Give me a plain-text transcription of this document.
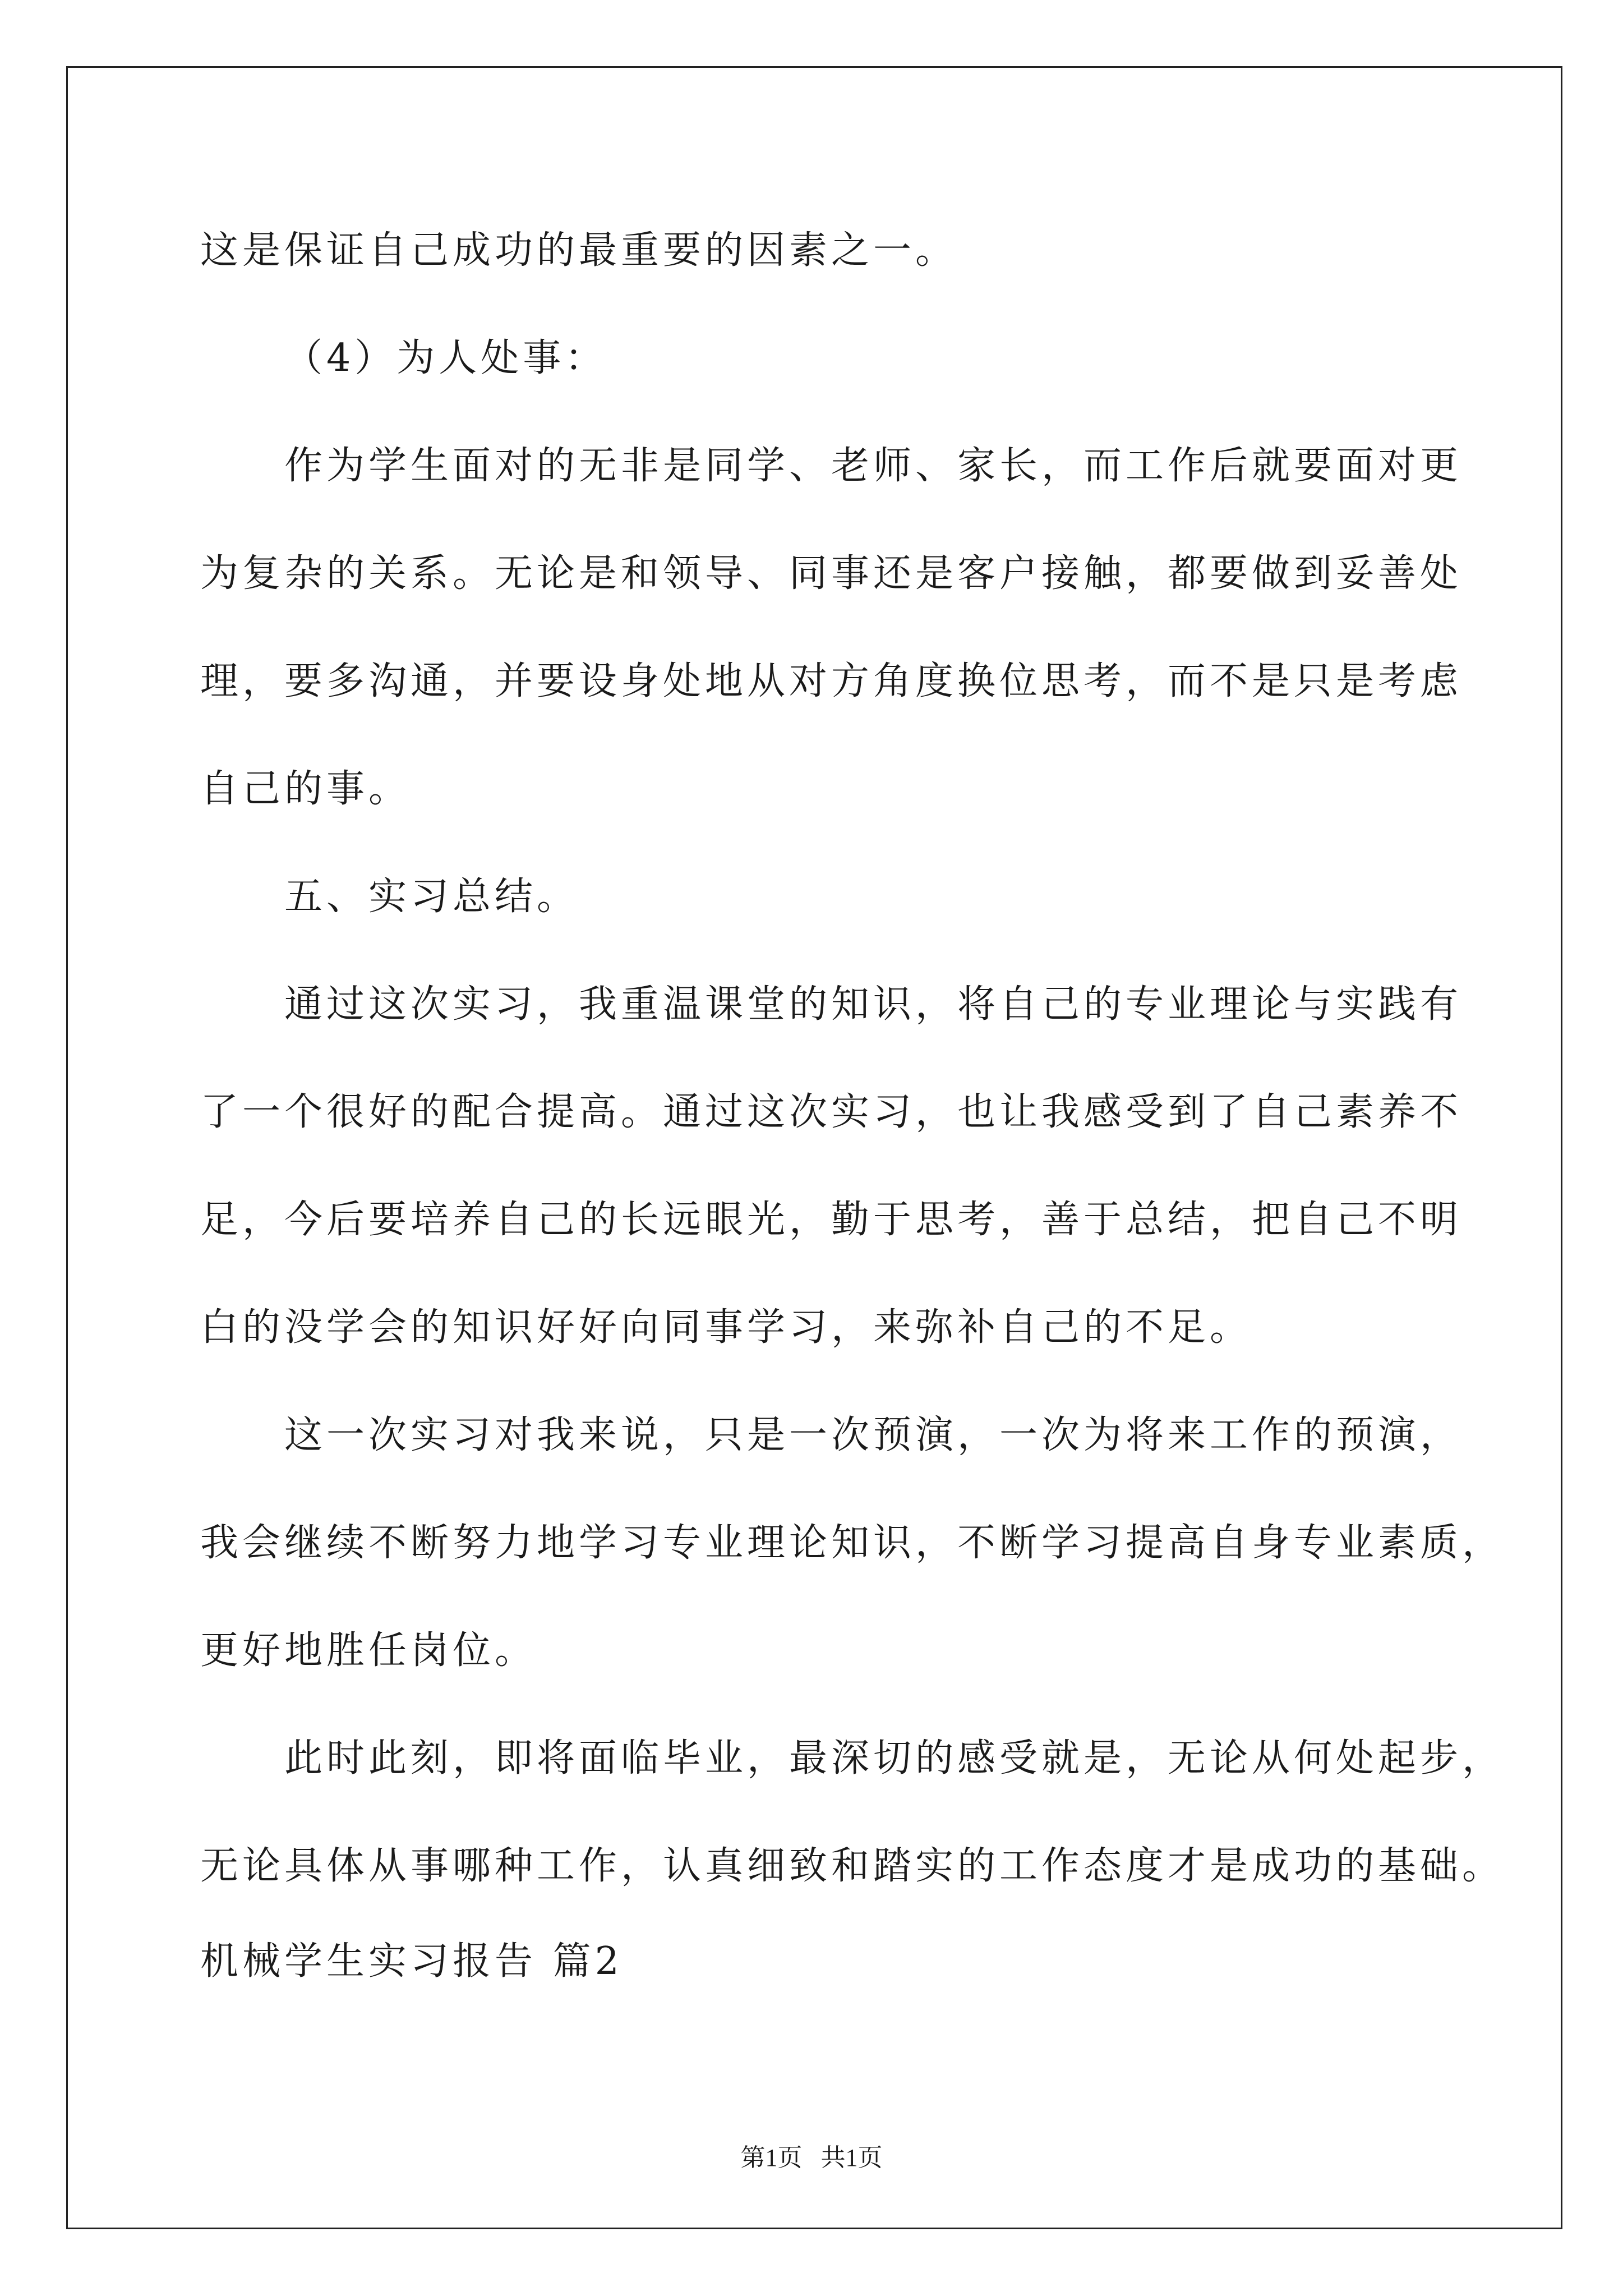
这是保证自己成功的最重要的因素之一。
（4）为人处事：
作为学生面对的无非是同学、老师、家长，而工作后就要面对更
为复杂的关系。无论是和领导、同事还是客户接触，都要做到妥善处
理，要多沟通，并要设身处地从对方角度换位思考，而不是只是考虑
自己的事。
五、实习总结。
通过这次实习，我重温课堂的知识，将自己的专业理论与实践有
了一个很好的配合提高。通过这次实习，也让我感受到了自己素养不
足，今后要培养自己的长远眼光，勤于思考，善于总结，把自己不明
白的没学会的知识好好向同事学习，来弥补自己的不足。
这一次实习对我来说，只是一次预演，一次为将来工作的预演，
我会继续不断努力地学习专业理论知识，不断学习提高自身专业素质，
更好地胜任岗位。
此时此刻，即将面临毕业，最深切的感受就是，无论从何处起步，
无论具体从事哪种工作，认真细致和踏实的工作态度才是成功的基础。
机械学生实习报告 篇2
第1页   共1页
